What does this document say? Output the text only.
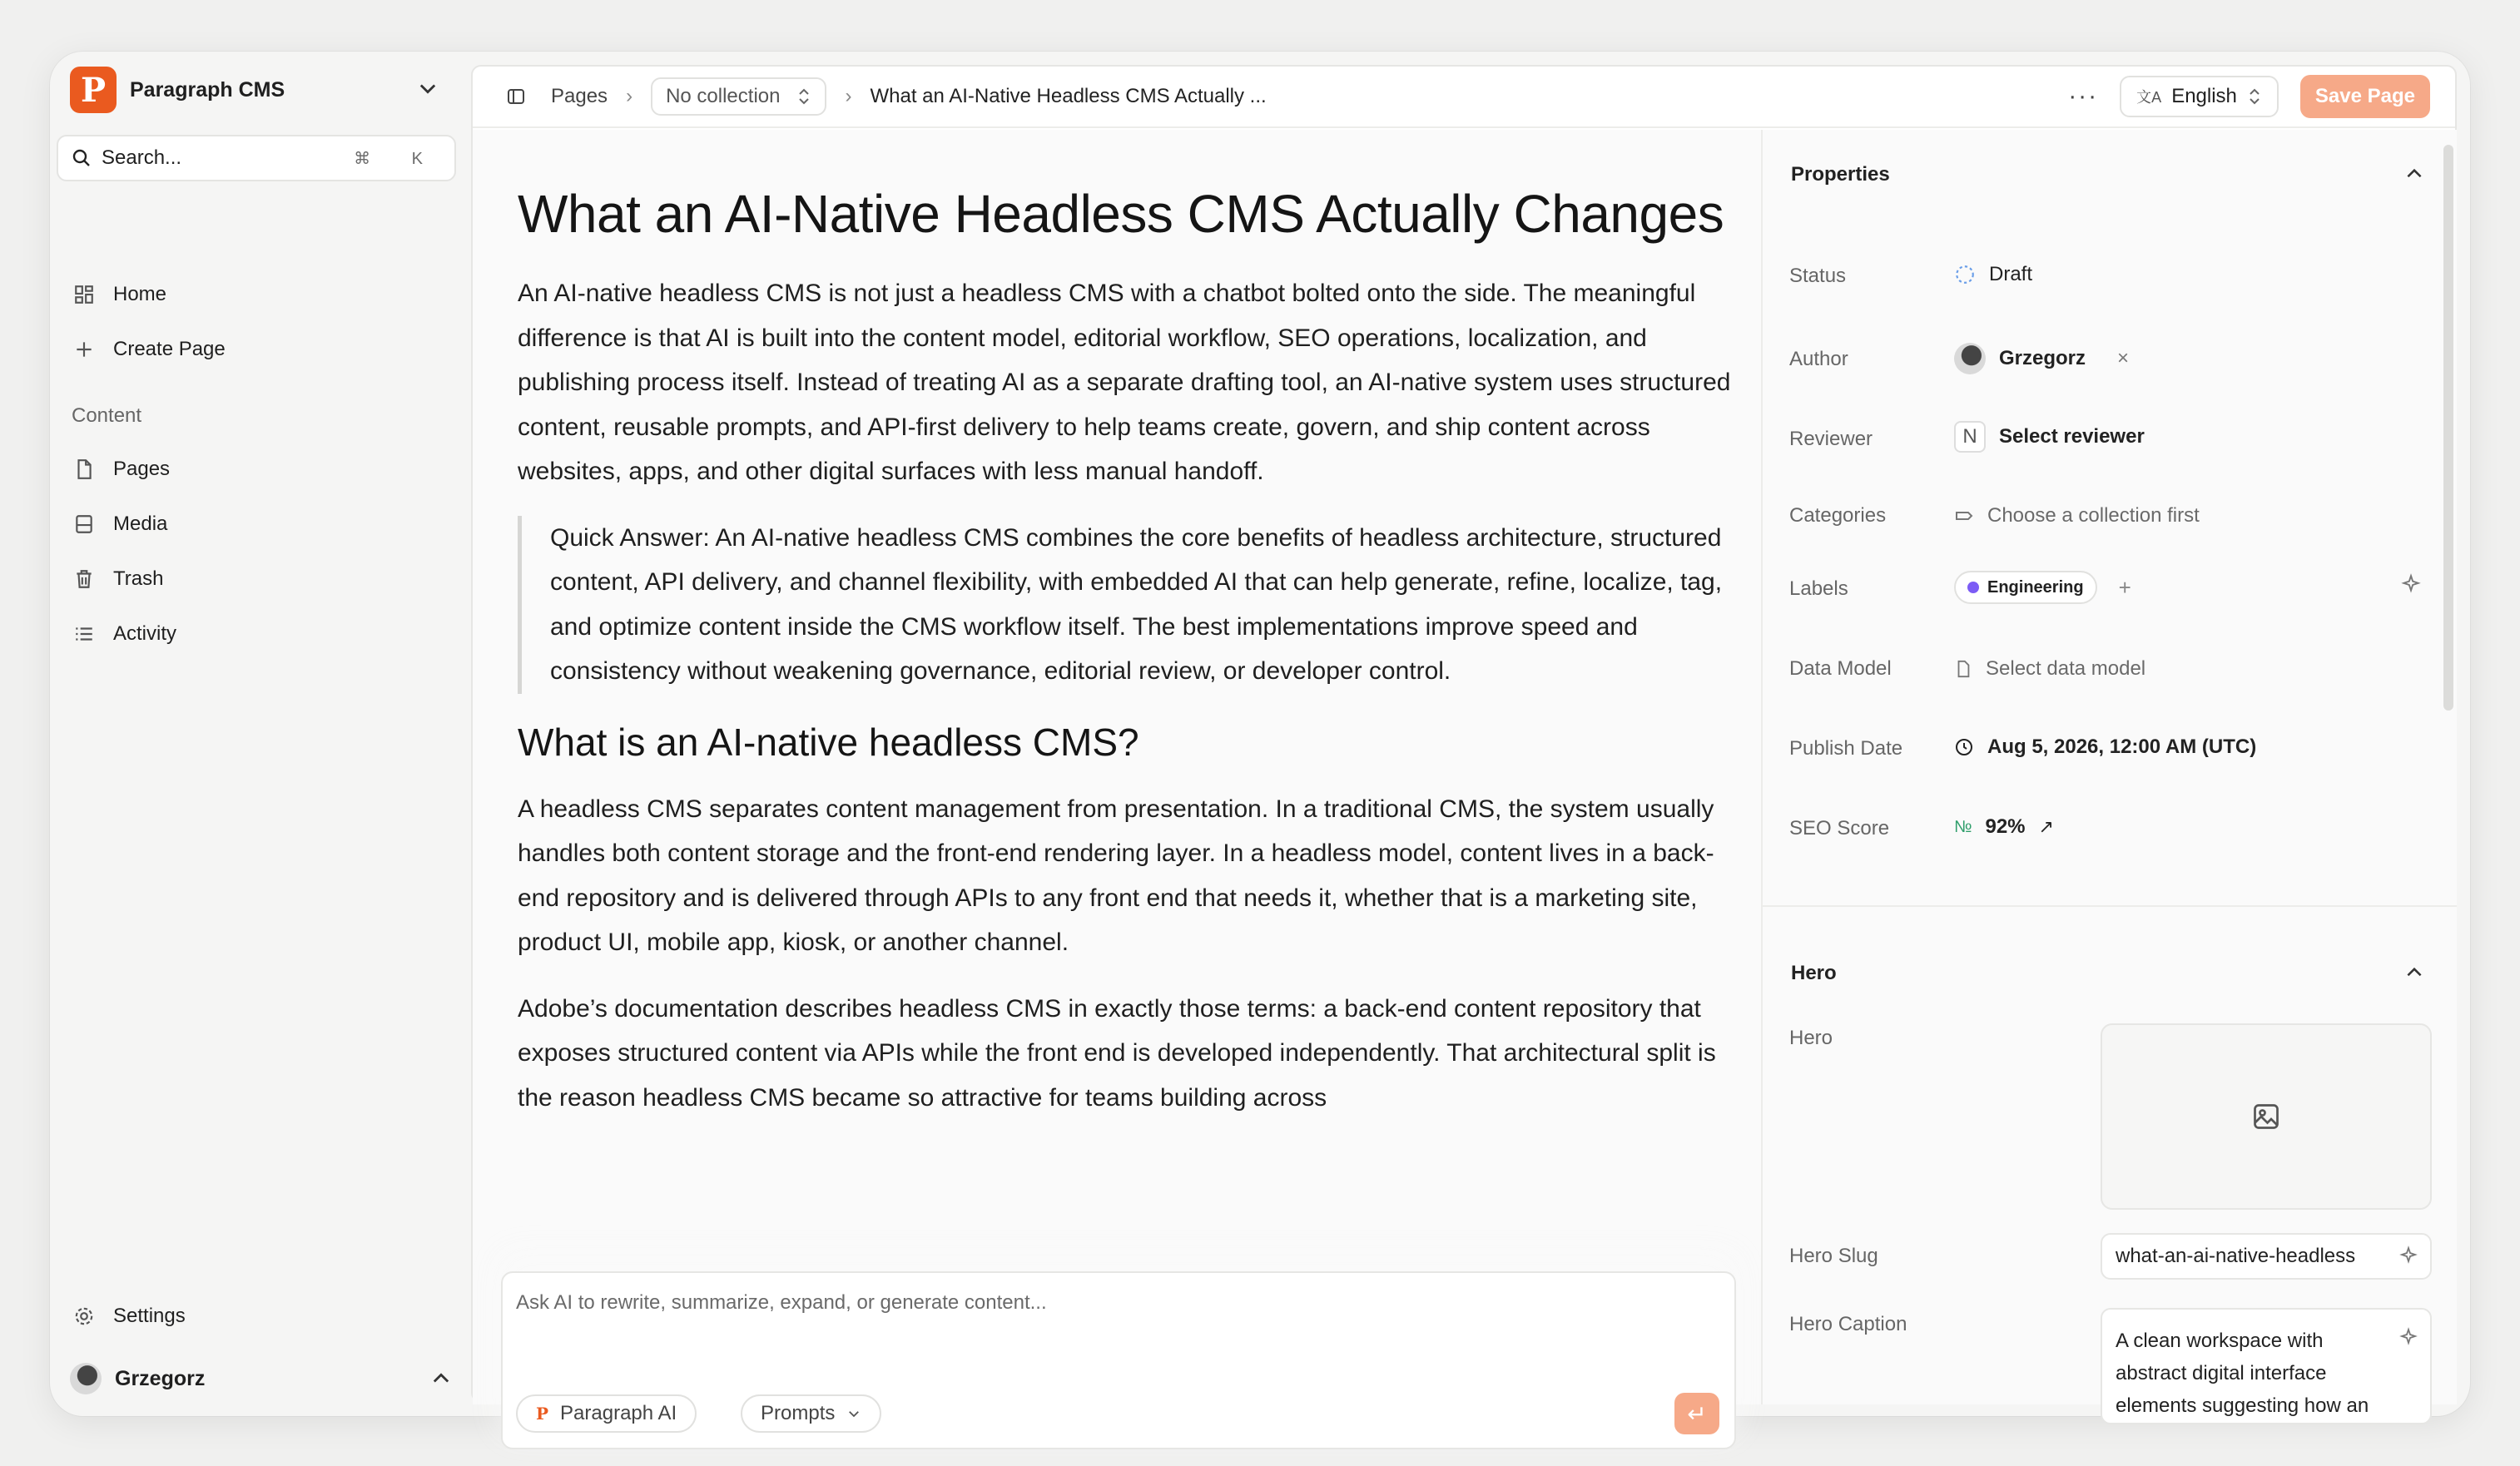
P	Paragraph CMS
Search...	⌘ K
Home
Create Page
Content
Pages
Media
Trash
Activity
Settings
Grzegorz
Pages › No collection	› What an AI-Native Headless CMS Actually ...	···	文A English	Save Page
What an AI-Native Headless CMS Actually Changes

An AI-native headless CMS is not just a headless CMS with a chatbot bolted onto the side. The meaningful difference is that AI is built into the content model, editorial workflow, SEO operations, localization, and publishing process itself. Instead of treating AI as a separate drafting tool, an AI-native system uses structured content, reusable prompts, and API-first delivery to help teams create, govern, and ship content across websites, apps, and other digital surfaces with less manual handoff.

Quick Answer: An AI-native headless CMS combines the core benefits of headless architecture, structured content, API delivery, and channel flexibility, with embedded AI that can help generate, refine, localize, tag, and optimize content inside the CMS workflow itself. The best implementations improve speed and consistency without weakening governance, editorial review, or developer control.
What is an AI-native headless CMS?

A headless CMS separates content management from presentation. In a traditional CMS, the system usually handles both content storage and the front-end rendering layer. In a headless model, content lives in a back-end repository and is delivered through APIs to any front end that needs it, whether that is a marketing site, product UI, mobile app, kiosk, or another channel.

Adobe’s documentation describes headless CMS in exactly those terms: a back-end content repository that exposes structured content via APIs while the front end is developed independently. That architectural split is the reason headless CMS became so attractive for teams building across

Ask AI to rewrite, summarize, expand, or generate content...
P Paragraph AI	Prompts	↵
Properties
Status	Draft
Author	Grzegorz ×
Reviewer	N	Select reviewer
Categories	Choose a collection first
Labels	Engineering +
Data Model	Select data model
Publish Date	Aug 5, 2026, 12:00 AM (UTC)
SEO Score	№ 92% ↗
Hero
Hero
Hero Slug	what-an-ai-native-headless
Hero Caption
A clean workspace with abstract digital interface elements suggesting how an
